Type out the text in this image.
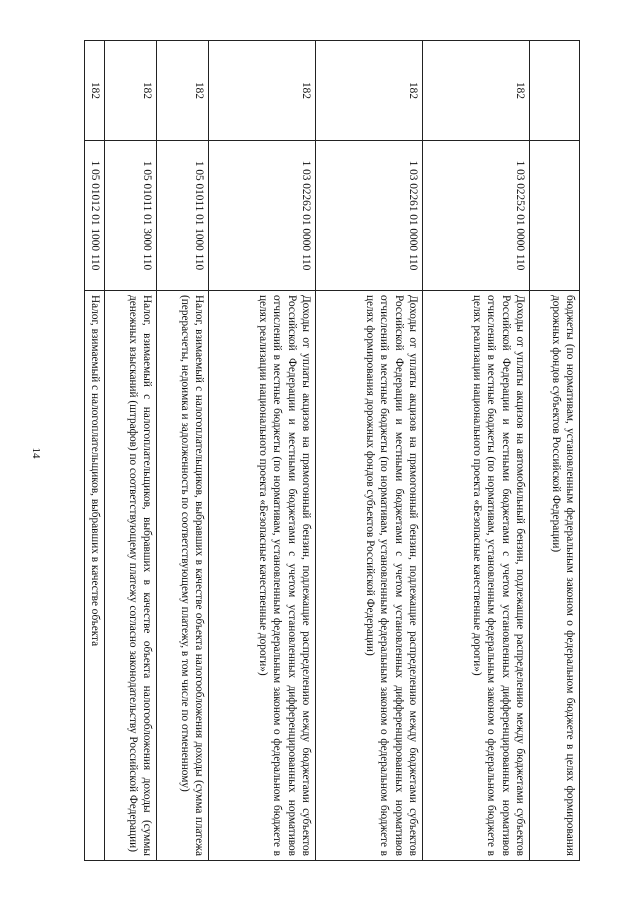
14
			бюджеты (по нормативам, установленным федеральным законом о федеральном бюджете в целях формирования дорожных фондов субъектов Российской Федерации)
182	1 03 02252 01 0000 110	Доходы от уплаты акцизов на автомобильный бензин, подлежащие распределению между бюджетами субъектов Российской Федерации и местными бюджетами с учетом установленных дифференцированных нормативов отчислений в местные бюджеты (по нормативам, установленным федеральным законом о федеральном бюджете в целях реализации национального проекта «Безопасные качественные дороги»)
182	1 03 02261 01 0000 110	Доходы от уплаты акцизов на прямогонный бензин, подлежащие распределению между бюджетами субъектов Российской Федерации и местными бюджетами с учетом установленных дифференцированных нормативов отчислений в местные бюджеты (по нормативам, установленным федеральным законом о федеральном бюджете в целях формирования дорожных фондов субъектов Российской Федерации)
182	1 03 02262 01 0000 110	Доходы от уплаты акцизов на прямогонный бензин, подлежащие распределению между бюджетами субъектов Российской Федерации и местными бюджетами с учетом установленных дифференцированных нормативов отчислений в местные бюджеты (по нормативам, установленным федеральным законом о федеральном бюджете в целях реализации национального проекта «Безопасные качественные дороги»)
182	1 05 01011 01 1000 110	Налог, взимаемый с налогоплательщиков, выбравших в качестве объекта налогообложения доходы (сумма платежа (перерасчеты, недоимка и задолженность по соответствующему платежу, в том числе по отмененному)
182	1 05 01011 01 3000 110	Налог, взимаемый с налогоплательщиков, выбравших в качестве объекта налогообложения доходы (суммы денежных взысканий (штрафов) по соответствующему платежу согласно законодательству Российской Федерации)
182	1 05 01012 01 1000 110	Налог, взимаемый с налогоплательщиков, выбравших в качестве объекта
